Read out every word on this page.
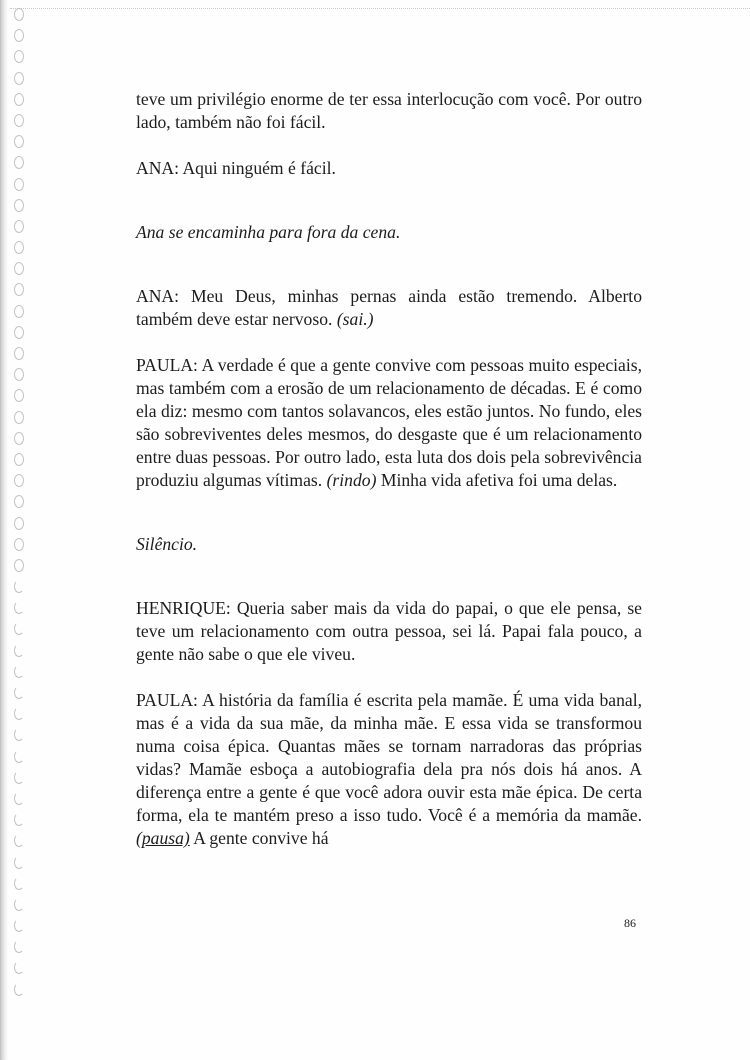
teve um privilégio enorme de ter essa interlocução com você. Por outro lado, também não foi fácil.

ANA: Aqui ninguém é fácil.

Ana se encaminha para fora da cena.

ANA: Meu Deus, minhas pernas ainda estão tremendo. Alberto também deve estar nervoso. (sai.)

PAULA: A verdade é que a gente convive com pessoas muito especiais, mas também com a erosão de um relacionamento de décadas. E é como ela diz: mesmo com tantos solavancos, eles estão juntos. No fundo, eles são sobreviventes deles mesmos, do desgaste que é um relacionamento entre duas pessoas. Por outro lado, esta luta dos dois pela sobrevivência produziu algumas vítimas. (rindo) Minha vida afetiva foi uma delas.

Silêncio.

HENRIQUE: Queria saber mais da vida do papai, o que ele pensa, se teve um relacionamento com outra pessoa, sei lá. Papai fala pouco, a gente não sabe o que ele viveu.

PAULA: A história da família é escrita pela mamãe. É uma vida banal, mas é a vida da sua mãe, da minha mãe. E essa vida se transformou numa coisa épica. Quantas mães se tornam narradoras das próprias vidas? Mamãe esboça a autobiografia dela pra nós dois há anos. A diferença entre a gente é que você adora ouvir esta mãe épica. De certa forma, ela te mantém preso a isso tudo. Você é a memória da mamãe. (pausa) A gente convive há

86
